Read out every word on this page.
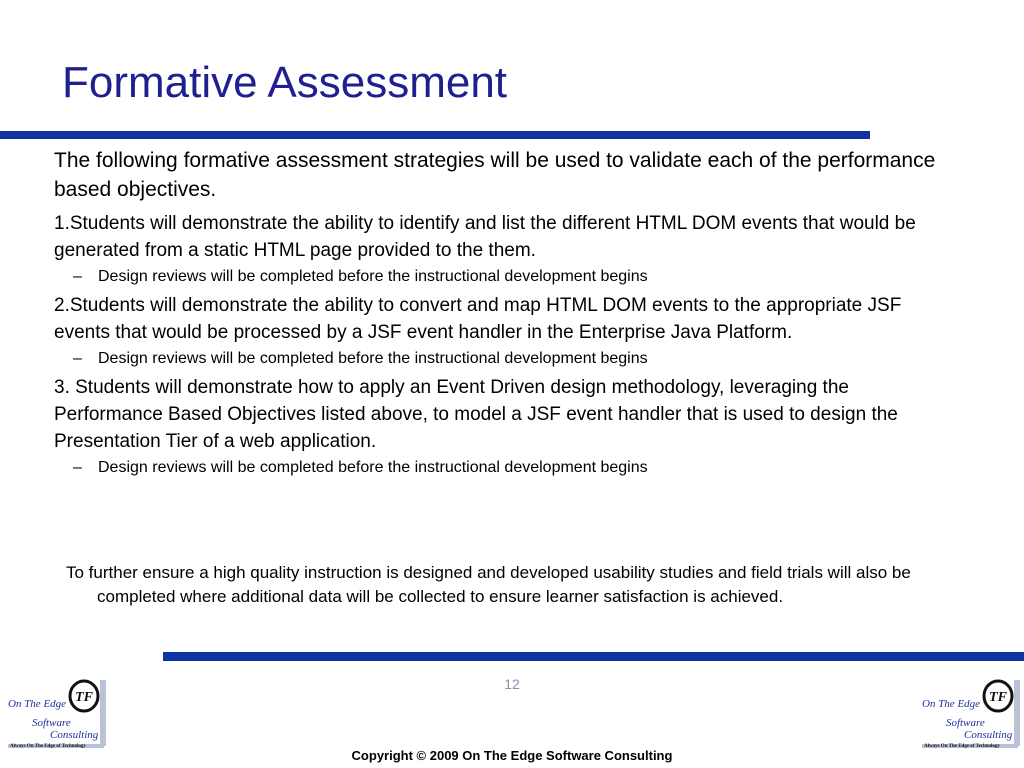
Formative Assessment

The following formative assessment strategies will be used to validate each of the performance based objectives.

1.Students will demonstrate the ability to identify and list the different HTML DOM events that would be generated from a static HTML page provided to the them.

– Design reviews will be completed before the instructional development begins

2.Students will demonstrate the ability to convert and map HTML DOM events to the appropriate JSF events that would be processed by a JSF event handler in the Enterprise Java Platform.

– Design reviews will be completed before the instructional development begins

3. Students will demonstrate how to apply an Event Driven design methodology, leveraging the Performance Based Objectives listed above, to model a JSF event handler that is used to design the Presentation Tier of a web application.

– Design reviews will be completed before the instructional development begins

To further ensure a high quality instruction is designed and developed usability studies and field trials will also be completed where additional data will be collected to ensure learner satisfaction is achieved.

12
TF
On The Edge
Software
Consulting
Always On The Edge of Technology
TF
On The Edge
Software
Consulting
Always On The Edge of Technology
Copyright © 2009 On The Edge Software Consulting
